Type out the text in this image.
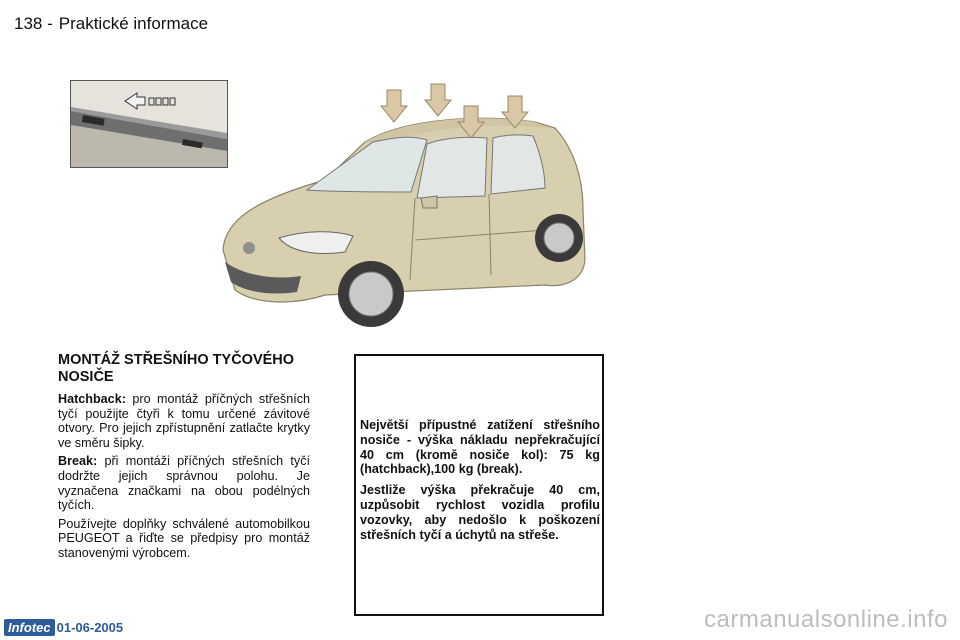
138 - Praktické informace
MONTÁŽ STŘEŠNÍHO TYČOVÉHO NOSIČE

Hatchback: pro montáž příčných střešních tyčí použijte čtyři k tomu určené závitové otvory. Pro jejich zpřístupnění zatlačte krytky ve směru šipky.

Break: při montáži příčných střešních tyčí dodržte jejich správnou polohu. Je vyznačena značkami na obou podélných tyčích.

Používejte doplňky schválené automobilkou PEUGEOT a řiďte se předpisy pro montáž stanovenými výrobcem.

Největší přípustné zatížení střešního nosiče - výška nákladu nepřekračující 40 cm (kromě nosiče kol): 75 kg (hatchback),100 kg (break).

Jestliže výška překračuje 40 cm, uzpůsobit rychlost vozidla profilu vozovky, aby nedošlo k poškození střešních tyčí a úchytů na střeše.

Infotec 01-06-2005	carmanualsonline.info
